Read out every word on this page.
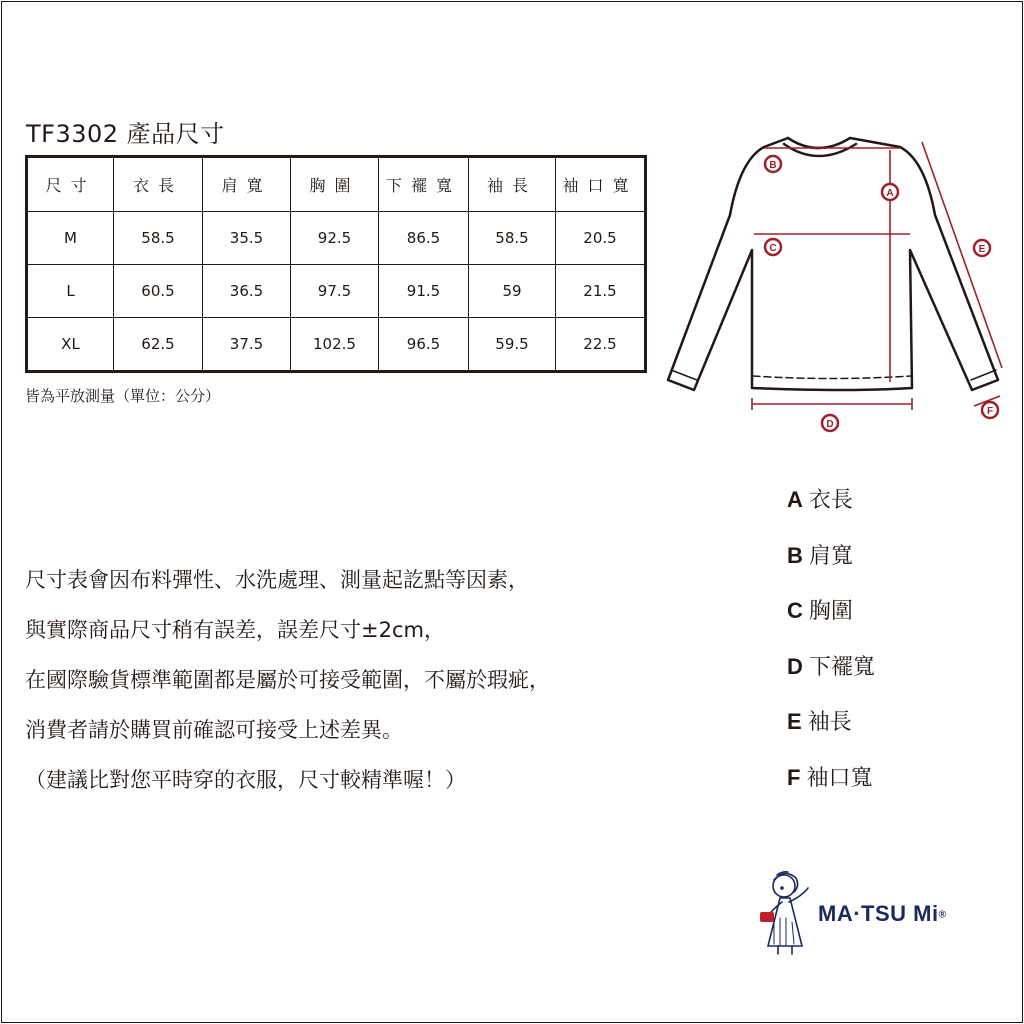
TF3302 產品尺寸
尺寸	衣長	肩寬	胸圍	下襬寬	袖長	袖口寬
M	58.5	35.5	92.5	86.5	58.5	20.5
L	60.5	36.5	97.5	91.5	59	21.5
XL	62.5	37.5	102.5	96.5	59.5	22.5
皆為平放測量（單位：公分）
B
A
C
D
E
F
A 衣長
B 肩寬
C 胸圍
D 下襬寬
E 袖長
F 袖口寬
尺寸表會因布料彈性、水洗處理、測量起訖點等因素，
與實際商品尺寸稍有誤差，誤差尺寸±2cm，
在國際驗貨標準範圍都是屬於可接受範圍，不屬於瑕疵，
消費者請於購買前確認可接受上述差異。
（建議比對您平時穿的衣服，尺寸較精準喔！）
MA·TSU Mi®
